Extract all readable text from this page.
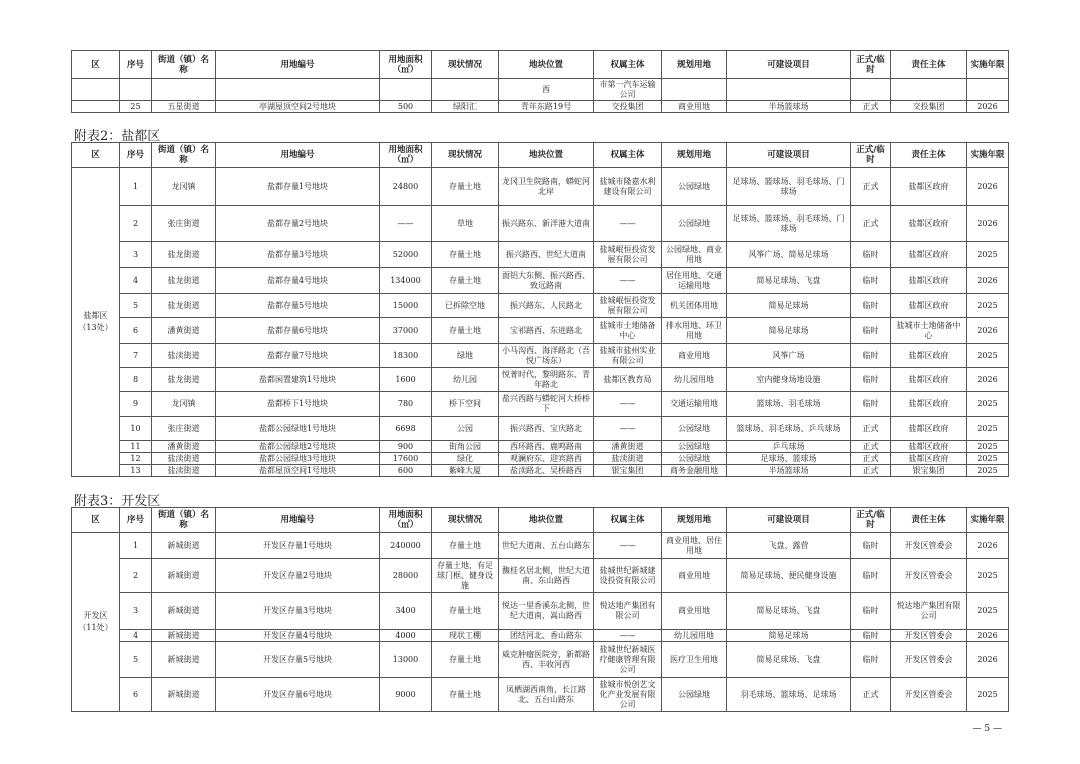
区	序号	街道（镇）名称	用地编号	用地面积（㎡）	现状情况	地块位置	权属主体	规划用地	可建设项目	正式/临时	责任主体	实施年限
						西	市第一汽车运输公司					
	25	五星街道	亭湖屋顶空间2号地块	500	绿阳汇	青年东路19号	交投集团	商业用地	半场篮球场	正式	交投集团	2026
附表2：盐都区
区	序号	街道（镇）名称	用地编号	用地面积（㎡）	现状情况	地块位置	权属主体	规划用地	可建设项目	正式/临时	责任主体	实施年限
盐都区
（13处）	1	龙冈镇	盐都存量1号地块	24800	存量土地	龙冈卫生院路南，蟒蛇河北岸	盐城市隆嘉水利建设有限公司	公园绿地	足球场、篮球场、羽毛球场、门球场	正式	盐都区政府	2026
	2	张庄街道	盐都存量2号地块	——	草地	振兴路东、新洋港大道南	——	公园绿地	足球场、篮球场、羽毛球场、门球场	正式	盐都区政府	2026
	3	盐龙街道	盐都存量3号地块	52000	存量土地	振兴路西、世纪大道南	盐城岷恒投资发展有限公司	公园绿地、商业用地	风筝广场、简易足球场	临时	盐都区政府	2025
	4	盐龙街道	盐都存量4号地块	134000	存量土地	面铝大东侧、振兴路西、致远路南	——	居住用地、交通运输用地	简易足球场、飞盘	临时	盐都区政府	2026
	5	盐龙街道	盐都存量5号地块	15000	已拆除空地	振兴路东、人民路北	盐城岷恒投资发展有限公司	机关团体用地	简易足球场	临时	盐都区政府	2025
	6	潘黄街道	盐都存量6号地块	37000	存量土地	宝祁路西、东进路北	盐城市土地储备中心	排水用地、环卫用地	简易足球场	临时	盐城市土地储备中心	2026
	7	盐渎街道	盐都存量7号地块	18300	绿地	小马沟西、海洋路北（吾悦广场东）	盐城市盐州实业有限公司	商业用地	风筝广场	临时	盐都区政府	2025
	8	盐龙街道	盐都闲置建筑1号地块	1600	幼儿园	悦菁时代，黎明路东、青年路北	盐都区教育局	幼儿园用地	室内健身场地设施	临时	盐都区政府	2026
	9	龙冈镇	盐都桥下1号地块	780	桥下空间	盐兴西路与蟒蛇河大桥桥下	——	交通运输用地	篮球场、羽毛球场	临时	盐都区政府	2025
	10	张庄街道	盐都公园绿地1号地块	6698	公园	振兴路西、宝庆路北	——	公园绿地	篮球场、羽毛球场、乒乓球场	正式	盐都区政府	2025
	11	潘黄街道	盐都公园绿地2号地块	900	街角公园	西环路西、鹿鸣路南	潘黄街道	公园绿地	乒乓球场	正式	盐都区政府	2025
	12	盐渎街道	盐都公园绿地3号地块	17600	绿化	观澜府东、迎宾路西	盐渎街道	公园绿地	足球场、篮球场	正式	盐都区政府	2025
	13	盐渎街道	盐都屋顶空间1号地块	600	紫峰大厦	盐渎路北、吴桥路西	银宝集团	商务金融用地	半场篮球场	正式	银宝集团	2025
附表3：开发区
区	序号	街道（镇）名称	用地编号	用地面积（㎡）	现状情况	地块位置	权属主体	规划用地	可建设项目	正式/临时	责任主体	实施年限
开发区
（11处）	1	新城街道	开发区存量1号地块	240000	存量土地	世纪大道南、五台山路东	——	商业用地、居住用地	飞盘、露营	临时	开发区管委会	2026
	2	新城街道	开发区存量2号地块	28000	存量土地，有足球门框、健身设施	馥桂名居北侧，世纪大道南、东山路西	盐城世纪新城建设投资有限公司	商业用地	简易足球场、便民健身设施	临时	开发区管委会	2025
	3	新城街道	开发区存量3号地块	3400	存量土地	悦达一里香溪东北侧，世纪大道南，嵩山路西	悦达地产集团有限公司	商业用地	简易足球场、飞盘	临时	悦达地产集团有限公司	2025
	4	新城街道	开发区存量4号地块	4000	现状工棚	团结河北、香山路东	——	幼儿园用地	简易足球场	临时	开发区管委会	2026
	5	新城街道	开发区存量5号地块	13000	存量土地	威克肿瘤医院旁，新都路西、丰收河西	盐城世纪新城医疗健康管理有限公司	医疗卫生用地	简易足球场、飞盘	临时	开发区管委会	2026
	6	新城街道	开发区存量6号地块	9000	存量土地	凤栖湖西南角，长江路北、五台山路东	盐城市悦创艺文化产业发展有限公司	公园绿地	羽毛球场、篮球场、足球场	正式	开发区管委会	2025
— 5 —
